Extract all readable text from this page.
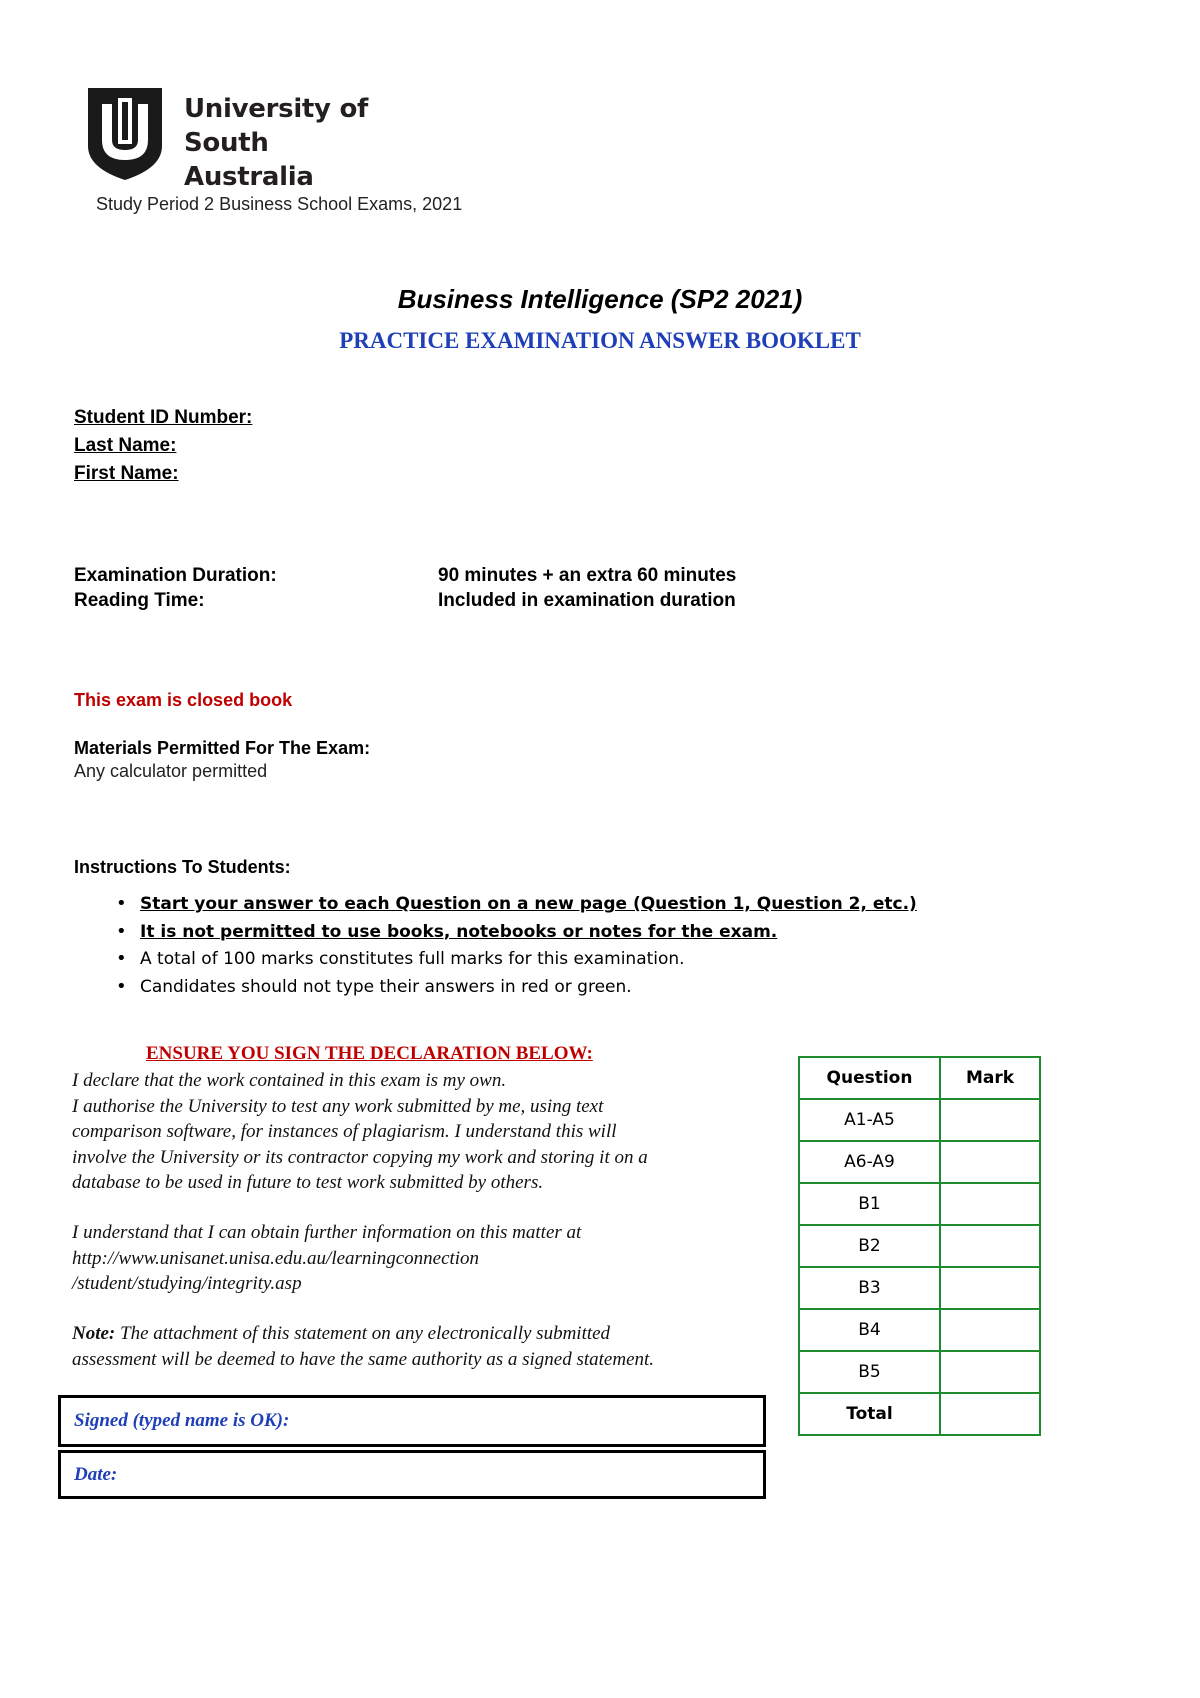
University of
South Australia
Study Period 2 Business School Exams, 2021
Business Intelligence (SP2 2021)
PRACTICE EXAMINATION ANSWER BOOKLET
Student ID Number:
Last Name:
First Name:
Examination Duration:	90 minutes + an extra 60 minutes
Reading Time:	Included in examination duration
This exam is closed book
Materials Permitted For The Exam:
Any calculator permitted
Instructions To Students:
• Start your answer to each Question on a new page (Question 1, Question 2, etc.)
• It is not permitted to use books, notebooks or notes for the exam.
• A total of 100 marks constitutes full marks for this examination.
• Candidates should not type their answers in red or green.
ENSURE YOU SIGN THE DECLARATION BELOW:
I declare that the work contained in this exam is my own.
I authorise the University to test any work submitted by me, using text
comparison software, for instances of plagiarism. I understand this will
involve the University or its contractor copying my work and storing it on a
database to be used in future to test work submitted by others.
I understand that I can obtain further information on this matter at
http://www.unisanet.unisa.edu.au/learningconnection
/student/studying/integrity.asp
Note: The attachment of this statement on any electronically submitted
assessment will be deemed to have the same authority as a signed statement.
Signed (typed name is OK):
Date:
Question	Mark
A1-A5	
A6-A9	
B1	
B2	
B3	
B4	
B5	
Total	
